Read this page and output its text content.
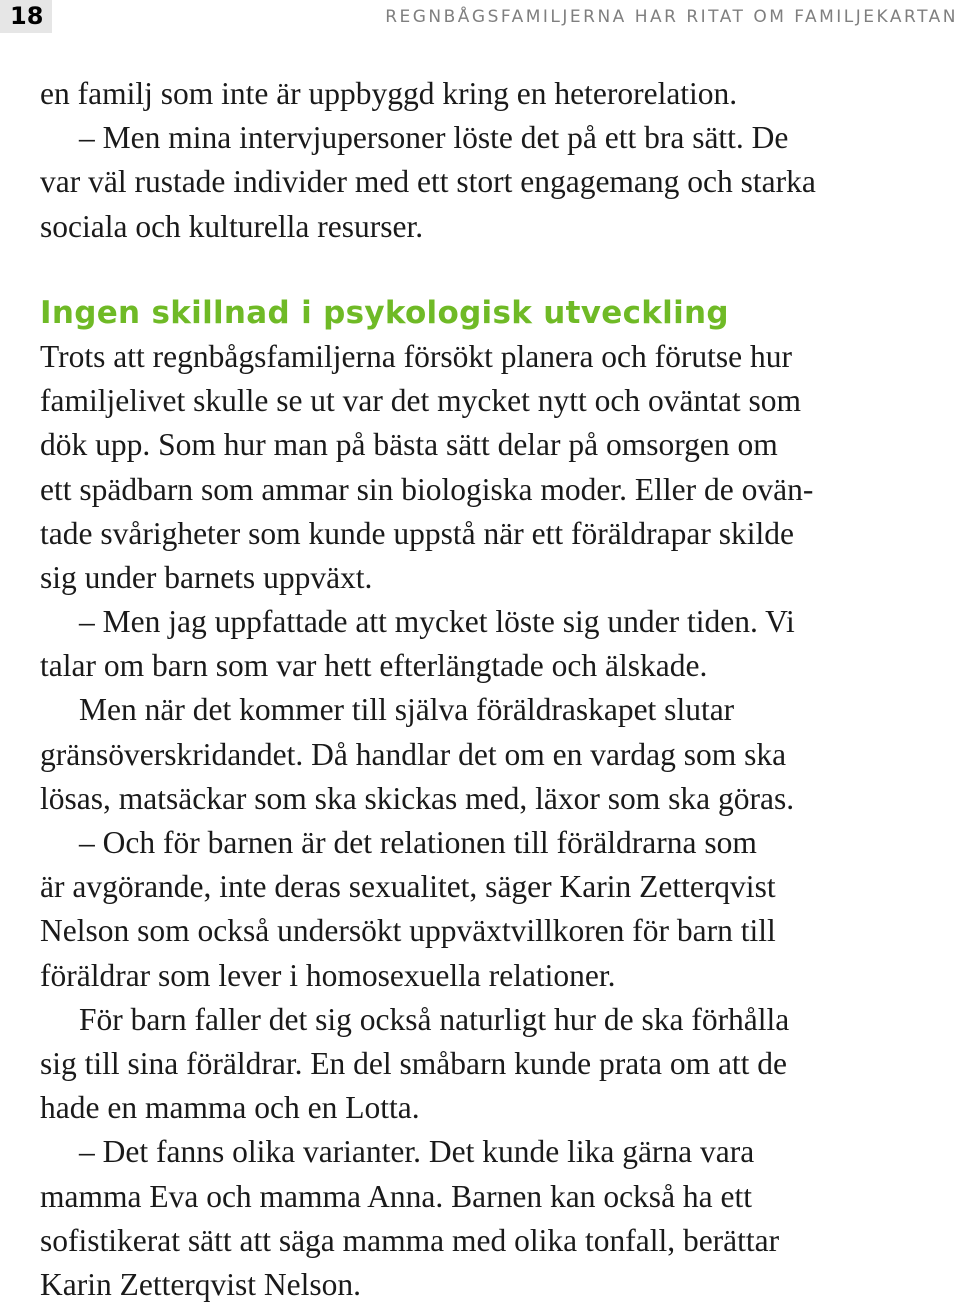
18	REGNBÅGSFAMILJERNA HAR RITAT OM FAMILJEKARTAN
en familj som inte är uppbyggd kring en heterorelation.
– Men mina intervjupersoner löste det på ett bra sätt. De
var väl rustade individer med ett stort engagemang och starka
sociala och kulturella resurser.
Ingen skillnad i psykologisk utveckling
Trots att regnbågsfamiljerna försökt planera och förutse hur
familjelivet skulle se ut var det mycket nytt och oväntat som
dök upp. Som hur man på bästa sätt delar på omsorgen om
ett spädbarn som ammar sin biologiska moder. Eller de ovän-
tade svårigheter som kunde uppstå när ett föräldrapar skilde
sig under barnets uppväxt.
– Men jag uppfattade att mycket löste sig under tiden. Vi
talar om barn som var hett efterlängtade och älskade.
Men när det kommer till själva föräldraskapet slutar
gränsöverskridandet. Då handlar det om en vardag som ska
lösas, matsäckar som ska skickas med, läxor som ska göras.
– Och för barnen är det relationen till föräldrarna som
är avgörande, inte deras sexualitet, säger Karin Zetterqvist
Nelson som också undersökt uppväxtvillkoren för barn till
föräldrar som lever i homosexuella relationer.
För barn faller det sig också naturligt hur de ska förhålla
sig till sina föräldrar. En del småbarn kunde prata om att de
hade en mamma och en Lotta.
– Det fanns olika varianter. Det kunde lika gärna vara
mamma Eva och mamma Anna. Barnen kan också ha ett
sofistikerat sätt att säga mamma med olika tonfall, berättar
Karin Zetterqvist Nelson.
